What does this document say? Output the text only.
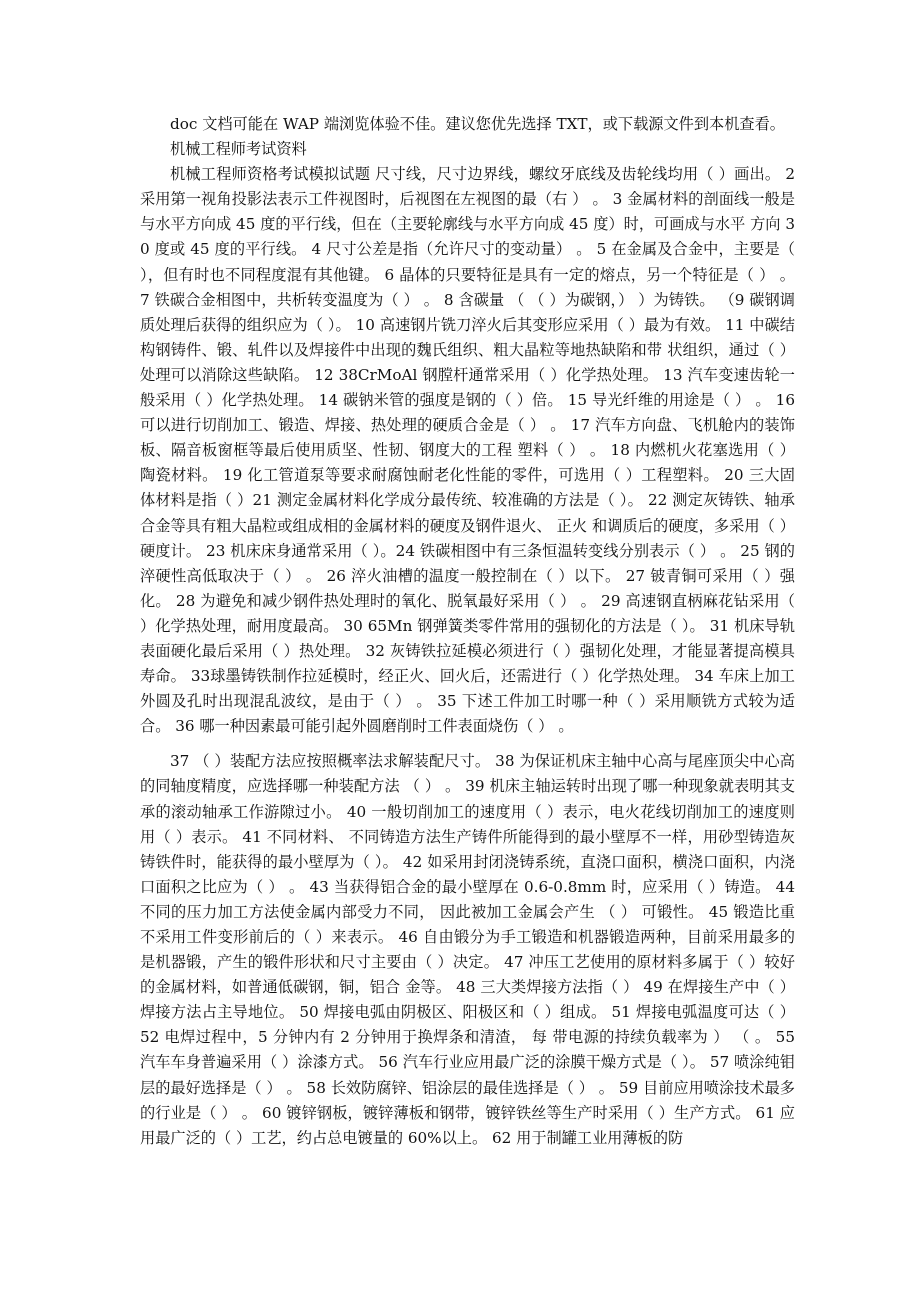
doc 文档可能在 WAP 端浏览体验不佳。建议您优先选择 TXT，或下载源文件到本机查看。

机械工程师考试资料

机械工程师资格考试模拟试题 尺寸线，尺寸边界线，螺纹牙底线及齿轮线均用（ ）画出。 2 采用第一视角投影法表示工件视图时，后视图在左视图的最（右 ） 。 3 金属材料的剖面线一般是与水平方向成 45 度的平行线，但在（主要轮廓线与水平方向成 45 度）时，可画成与水平 方向 30 度或 45 度的平行线。 4 尺寸公差是指（允许尺寸的变动量） 。 5 在金属及合金中，主要是（ ），但有时也不同程度混有其他键。 6 晶体的只要特征是具有一定的熔点，另一个特征是（ ） 。 7 铁碳合金相图中，共析转变温度为（ ） 。 8 含碳量 （ （ ）为碳钢，） ）为铸铁。 （9 碳钢调质处理后获得的组织应为（ ）。 10 高速钢片铣刀淬火后其变形应采用（ ）最为有效。 11 中碳结构钢铸件、锻、轧件以及焊接件中出现的魏氏组织、粗大晶粒等地热缺陷和带 状组织，通过（ ）处理可以消除这些缺陷。 12 38CrMoAl 钢膛杆通常采用（ ）化学热处理。 13 汽车变速齿轮一般采用（ ）化学热处理。 14 碳钠米管的强度是钢的（ ）倍。 15 导光纤维的用途是（ ） 。 16 可以进行切削加工、锻造、焊接、热处理的硬质合金是（ ） 。 17 汽车方向盘、飞机舱内的装饰板、隔音板窗框等最后使用质坚、性韧、钢度大的工程 塑料（ ） 。 18 内燃机火花塞选用（ ）陶瓷材料。 19 化工管道泵等要求耐腐蚀耐老化性能的零件，可选用（ ）工程塑料。 20 三大固体材料是指（ ）21 测定金属材料化学成分最传统、较准确的方法是（ ）。 22 测定灰铸铁、轴承合金等具有粗大晶粒或组成相的金属材料的硬度及钢件退火、 正火 和调质后的硬度，多采用（ ）硬度计。 23 机床床身通常采用（ ）。24 铁碳相图中有三条恒温转变线分别表示（ ） 。 25 钢的淬硬性高低取决于（ ） 。 26 淬火油槽的温度一般控制在（ ）以下。 27 铍青铜可采用（ ）强化。 28 为避免和减少钢件热处理时的氧化、脱氧最好采用（ ） 。 29 高速钢直柄麻花钻采用（ ）化学热处理，耐用度最高。 30 65Mn 钢弹簧类零件常用的强韧化的方法是（ ）。 31 机床导轨表面硬化最后采用（ ）热处理。 32 灰铸铁拉延模必须进行（ ）强韧化处理，才能显著提高模具寿命。 33球墨铸铁制作拉延模时，经正火、回火后，还需进行（ ）化学热处理。 34 车床上加工外圆及孔时出现混乱波纹，是由于（ ） 。 35 下述工件加工时哪一种（ ）采用顺铣方式较为适合。 36 哪一种因素最可能引起外圆磨削时工件表面烧伤（ ） 。

37 （ ）装配方法应按照概率法求解装配尺寸。 38 为保证机床主轴中心高与尾座顶尖中心高的同轴度精度，应选择哪一种装配方法 （ ） 。 39 机床主轴运转时出现了哪一种现象就表明其支承的滚动轴承工作游隙过小。 40 一般切削加工的速度用（ ）表示，电火花线切削加工的速度则用（ ）表示。 41 不同材料、 不同铸造方法生产铸件所能得到的最小壁厚不一样，用砂型铸造灰铸铁件时，能获得的最小壁厚为（ ）。 42 如采用封闭浇铸系统，直浇口面积，横浇口面积，内浇口面积之比应为（ ） 。 43 当获得铝合金的最小壁厚在 0.6-0.8mm 时，应采用（ ）铸造。 44 不同的压力加工方法使金属内部受力不同， 因此被加工金属会产生 （ ） 可锻性。 45 锻造比重不采用工件变形前后的（ ）来表示。 46 自由锻分为手工锻造和机器锻造两种，目前采用最多的是机器锻，产生的锻件形状和尺寸主要由（ ）决定。 47 冲压工艺使用的原材料多属于（ ）较好的金属材料，如普通低碳钢，铜，铝合 金等。 48 三大类焊接方法指（ ） 49 在焊接生产中（ ）焊接方法占主导地位。 50 焊接电弧由阴极区、阳极区和（ ）组成。 51 焊接电弧温度可达（ ） 52 电焊过程中，5 分钟内有 2 分钟用于换焊条和清渣， 每 带电源的持续负载率为 ） （ 。 55 汽车车身普遍采用（ ）涂漆方式。 56 汽车行业应用最广泛的涂膜干燥方式是（ ）。 57 喷涂纯钼层的最好选择是（ ） 。 58 长效防腐锌、铝涂层的最佳选择是（ ） 。 59 目前应用喷涂技术最多的行业是（ ） 。 60 镀锌钢板，镀锌薄板和钢带，镀锌铁丝等生产时采用（ ）生产方式。 61 应用最广泛的（ ）工艺，约占总电镀量的 60%以上。 62 用于制罐工业用薄板的防
